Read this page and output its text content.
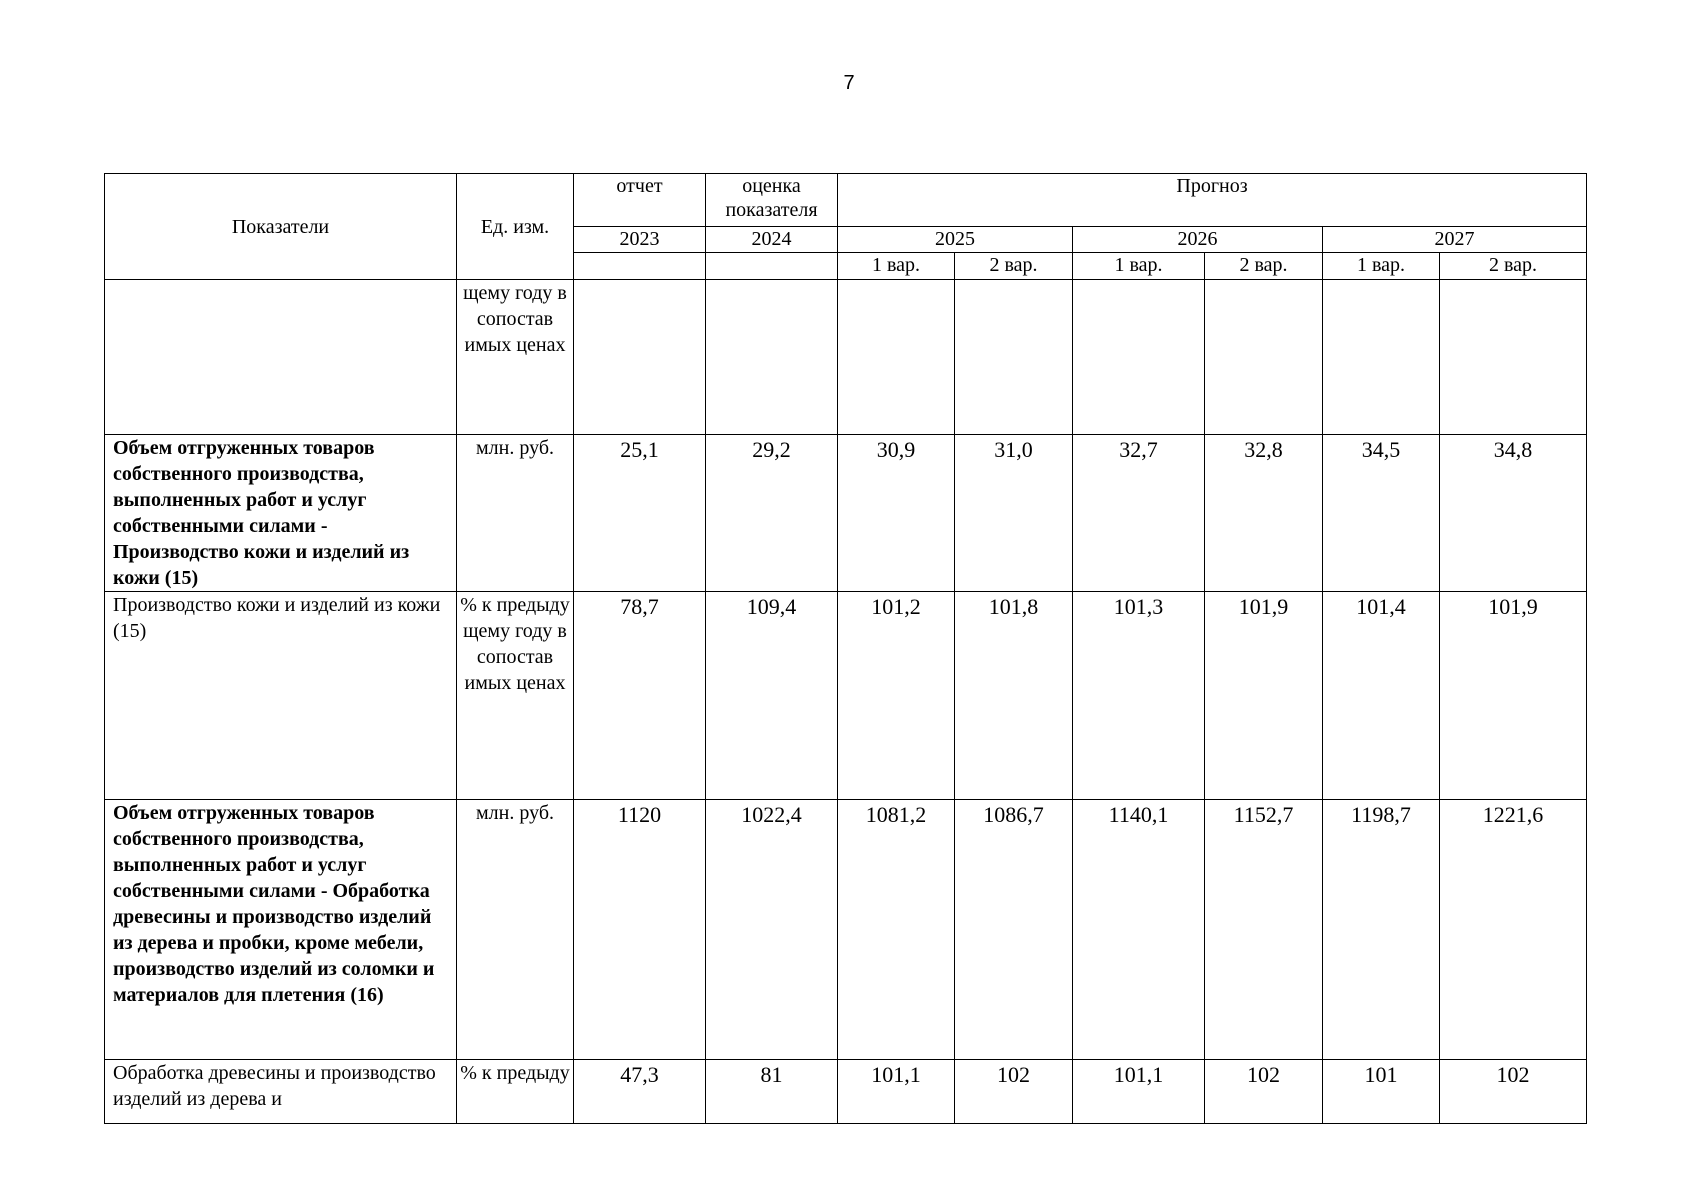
7
Показатели	Ед. изм.	отчет	оценка показателя	Прогноз					
		2023	2024	2025		2026		2027	
				1 вар.	2 вар.	1 вар.	2 вар.	1 вар.	2 вар.
	щему году в сопостав имых ценах								
Объем отгруженных товаров собственного производства, выполненных работ и услуг собственными силами - Производство кожи и изделий из кожи (15)	млн. руб.	25,1	29,2	30,9	31,0	32,7	32,8	34,5	34,8
Производство кожи и изделий из кожи (15)	% к предыду щему году в сопостав имых ценах	78,7	109,4	101,2	101,8	101,3	101,9	101,4	101,9
Объем отгруженных товаров собственного производства, выполненных работ и услуг собственными силами - Обработка древесины и производство изделий из дерева и пробки, кроме мебели, производство изделий из соломки и материалов для плетения (16)	млн. руб.	1120	1022,4	1081,2	1086,7	1140,1	1152,7	1198,7	1221,6
Обработка древесины и производство изделий из дерева и	% к предыду	47,3	81	101,1	102	101,1	102	101	102
